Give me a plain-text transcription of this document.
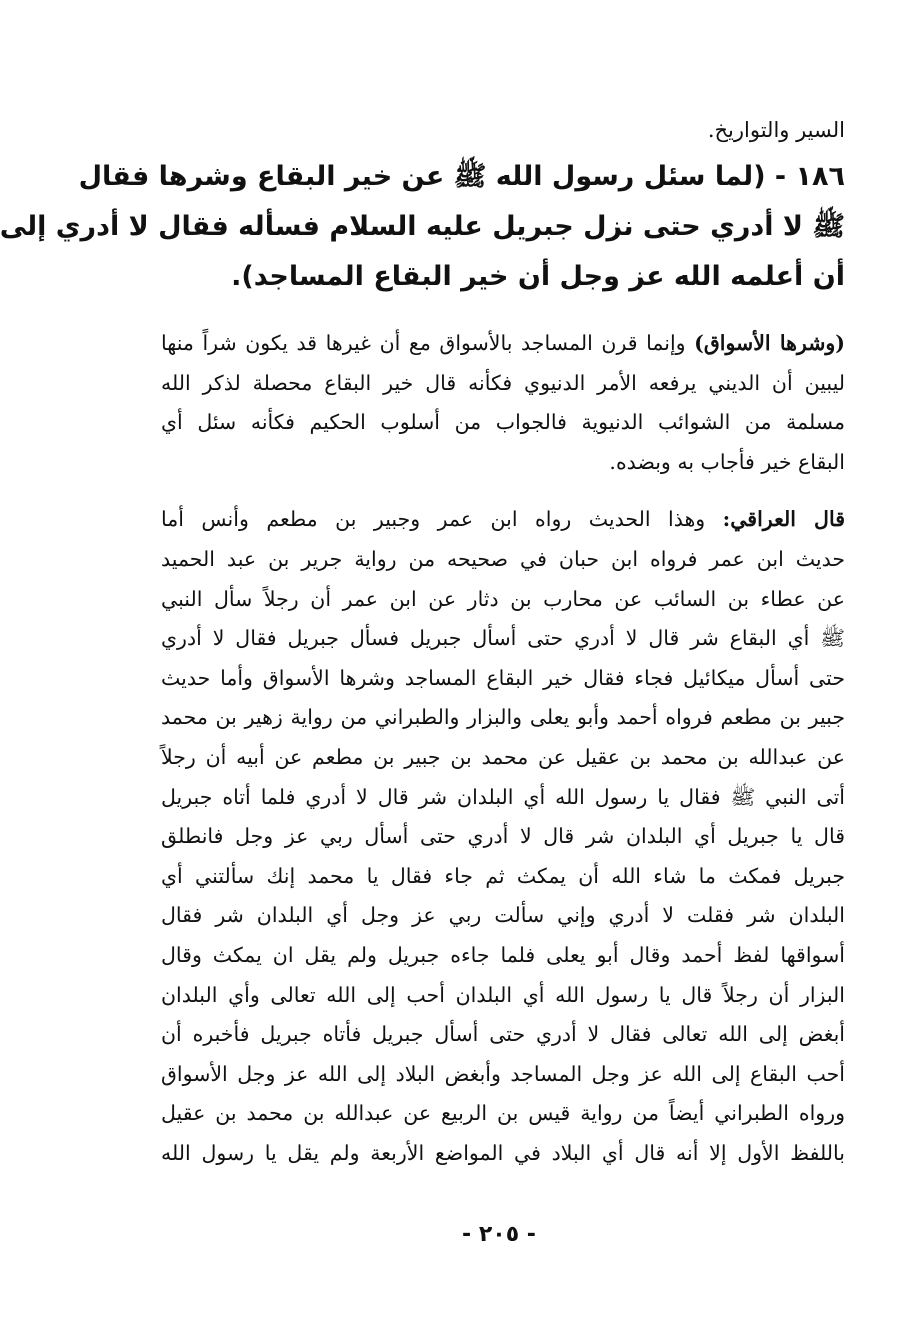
السير والتواريخ.
١٨٦ - (لما سئل رسول الله ﷺ عن خير البقاع وشرها فقال
ﷺ لا أدري حتى نزل جبريل عليه السلام فسأله فقال لا أدري إلى
أن أعلمه الله عز وجل أن خير البقاع المساجد).
(وشرها الأسواق) وإنما قرن المساجد بالأسواق مع أن غيرها قد يكون شراً منها
ليبين أن الديني يرفعه الأمر الدنيوي فكأنه قال خير البقاع محصلة لذكر الله
مسلمة من الشوائب الدنيوية فالجواب من أسلوب الحكيم فكأنه سئل أي
البقاع خير فأجاب به وبضده.
قال العراقي: وهذا الحديث رواه ابن عمر وجبير بن مطعم وأنس أما
حديث ابن عمر فرواه ابن حبان في صحيحه من رواية جرير بن عبد الحميد
عن عطاء بن السائب عن محارب بن دثار عن ابن عمر أن رجلاً سأل النبي
ﷺ أي البقاع شر قال لا أدري حتى أسأل جبريل فسأل جبريل فقال لا أدري
حتى أسأل ميكائيل فجاء فقال خير البقاع المساجد وشرها الأسواق وأما حديث
جبير بن مطعم فرواه أحمد وأبو يعلى والبزار والطبراني من رواية زهير بن محمد
عن عبدالله بن محمد بن عقيل عن محمد بن جبير بن مطعم عن أبيه أن رجلاً
أتى النبي ﷺ فقال يا رسول الله أي البلدان شر قال لا أدري فلما أتاه جبريل
قال يا جبريل أي البلدان شر قال لا أدري حتى أسأل ربي عز وجل فانطلق
جبريل فمكث ما شاء الله أن يمكث ثم جاء فقال يا محمد إنك سألتني أي
البلدان شر فقلت لا أدري وإني سألت ربي عز وجل أي البلدان شر فقال
أسواقها لفظ أحمد وقال أبو يعلى فلما جاءه جبريل ولم يقل ان يمكث وقال
البزار أن رجلاً قال يا رسول الله أي البلدان أحب إلى الله تعالى وأي البلدان
أبغض إلى الله تعالى فقال لا أدري حتى أسأل جبريل فأتاه جبريل فأخبره أن
أحب البقاع إلى الله عز وجل المساجد وأبغض البلاد إلى الله عز وجل الأسواق
ورواه الطبراني أيضاً من رواية قيس بن الربيع عن عبدالله بن محمد بن عقيل
باللفظ الأول إلا أنه قال أي البلاد في المواضع الأربعة ولم يقل يا رسول الله
- ٢٠٥ -
